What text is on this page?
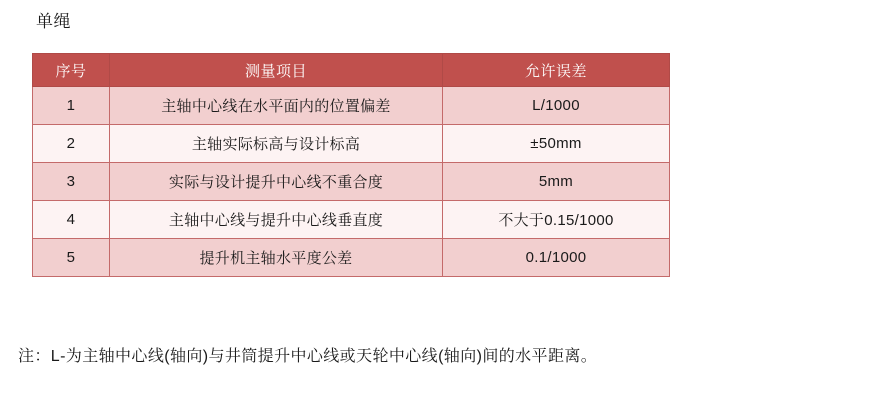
单绳
序号	测量项目	允许误差
1	主轴中心线在水平面内的位置偏差	L/1000
2	主轴实际标高与设计标高	±50mm
3	实际与设计提升中心线不重合度	5mm
4	主轴中心线与提升中心线垂直度	不大于0.15/1000
5	提升机主轴水平度公差	0.1/1000
注：L-为主轴中心线(轴向)与井筒提升中心线或天轮中心线(轴向)间的水平距离。
